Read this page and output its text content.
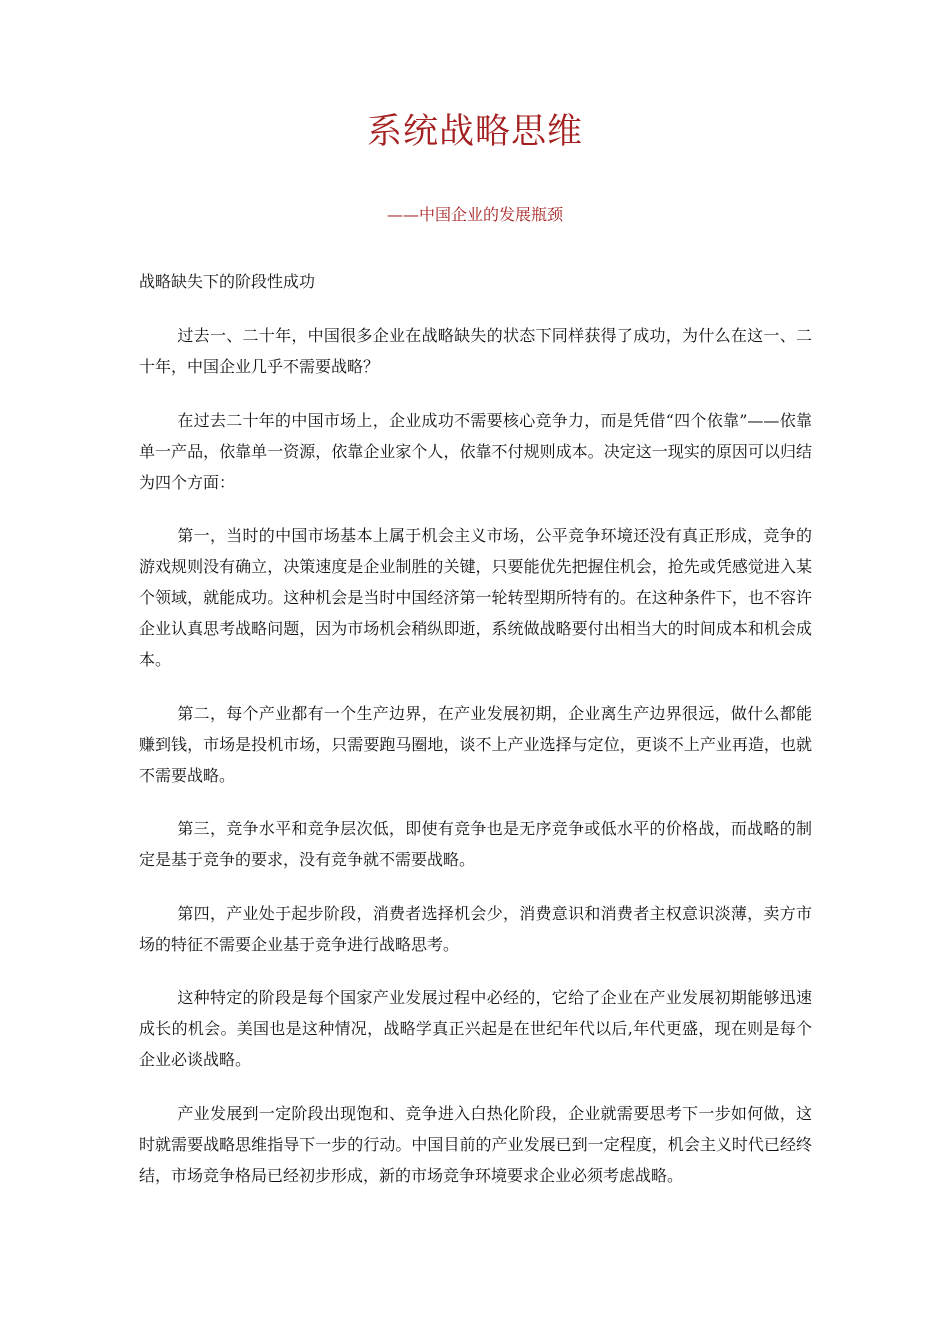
系统战略思维
——中国企业的发展瓶颈
战略缺失下的阶段性成功

过去一、二十年，中国很多企业在战略缺失的状态下同样获得了成功，为什么在这一、二十年，中国企业几乎不需要战略？

在过去二十年的中国市场上，企业成功不需要核心竞争力，而是凭借“四个依靠”——依靠单一产品，依靠单一资源，依靠企业家个人，依靠不付规则成本。决定这一现实的原因可以归结为四个方面：

第一，当时的中国市场基本上属于机会主义市场，公平竞争环境还没有真正形成，竞争的游戏规则没有确立，决策速度是企业制胜的关键，只要能优先把握住机会，抢先或凭感觉进入某个领域，就能成功。这种机会是当时中国经济第一轮转型期所特有的。在这种条件下，也不容许企业认真思考战略问题，因为市场机会稍纵即逝，系统做战略要付出相当大的时间成本和机会成本。

第二，每个产业都有一个生产边界，在产业发展初期，企业离生产边界很远，做什么都能赚到钱，市场是投机市场，只需要跑马圈地，谈不上产业选择与定位，更谈不上产业再造，也就不需要战略。

第三，竞争水平和竞争层次低，即使有竞争也是无序竞争或低水平的价格战，而战略的制定是基于竞争的要求，没有竞争就不需要战略。

第四，产业处于起步阶段，消费者选择机会少，消费意识和消费者主权意识淡薄，卖方市场的特征不需要企业基于竞争进行战略思考。

这种特定的阶段是每个国家产业发展过程中必经的，它给了企业在产业发展初期能够迅速成长的机会。美国也是这种情况，战略学真正兴起是在世纪年代以后,年代更盛，现在则是每个企业必谈战略。

产业发展到一定阶段出现饱和、竞争进入白热化阶段，企业就需要思考下一步如何做，这时就需要战略思维指导下一步的行动。中国目前的产业发展已到一定程度，机会主义时代已经终结，市场竞争格局已经初步形成，新的市场竞争环境要求企业必须考虑战略。
